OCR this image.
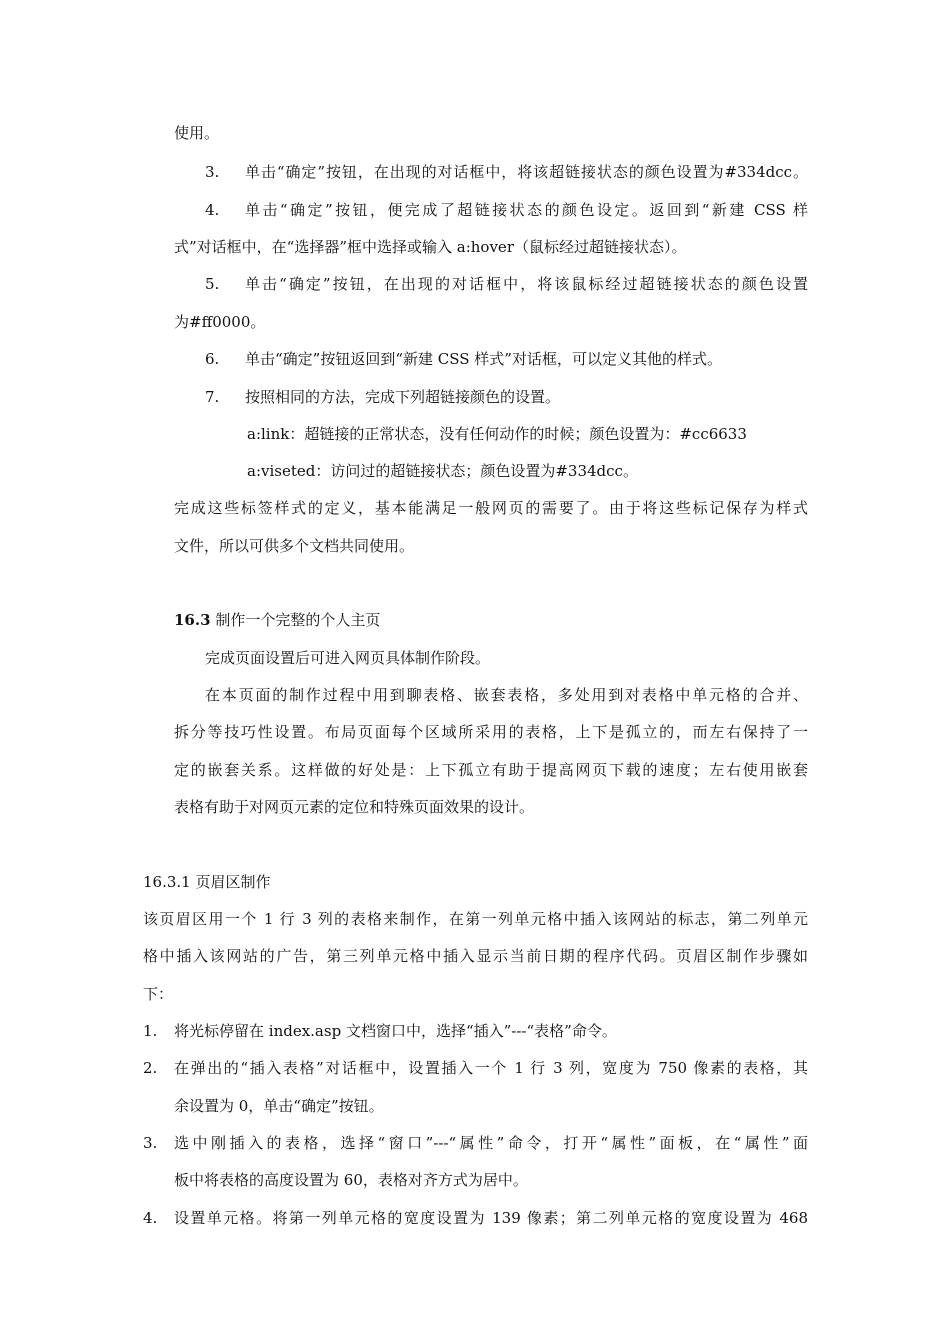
使用。
3. 单击“确定”按钮，在出现的对话框中，将该超链接状态的颜色设置为#334dcc。
4. 单击“确定”按钮，便完成了超链接状态的颜色设定。返回到“新建 CSS 样
式”对话框中，在“选择器”框中选择或输入 a:hover（鼠标经过超链接状态）。
5. 单击“确定”按钮，在出现的对话框中，将该鼠标经过超链接状态的颜色设置
为#ff0000。
6. 单击“确定”按钮返回到“新建 CSS 样式”对话框，可以定义其他的样式。
7. 按照相同的方法，完成下列超链接颜色的设置。
a:link：超链接的正常状态，没有任何动作的时候；颜色设置为：#cc6633
a:viseted：访问过的超链接状态；颜色设置为#334dcc。
完成这些标签样式的定义，基本能满足一般网页的需要了。由于将这些标记保存为样式
文件，所以可供多个文档共同使用。
16.3 制作一个完整的个人主页
完成页面设置后可进入网页具体制作阶段。
在本页面的制作过程中用到聊表格、嵌套表格，多处用到对表格中单元格的合并、
拆分等技巧性设置。布局页面每个区域所采用的表格，上下是孤立的，而左右保持了一
定的嵌套关系。这样做的好处是：上下孤立有助于提高网页下载的速度；左右使用嵌套
表格有助于对网页元素的定位和特殊页面效果的设计。
16.3.1 页眉区制作
该页眉区用一个 1 行 3 列的表格来制作，在第一列单元格中插入该网站的标志，第二列单元
格中插入该网站的广告，第三列单元格中插入显示当前日期的程序代码。页眉区制作步骤如
下：
1. 将光标停留在 index.asp 文档窗口中，选择“插入”---“表格”命令。
2. 在弹出的“插入表格”对话框中，设置插入一个 1 行 3 列，宽度为 750 像素的表格，其
余设置为 0，单击“确定”按钮。
3. 选中刚插入的表格，选择“窗口”---“属性”命令，打开“属性”面板，在“属性”面
板中将表格的高度设置为 60，表格对齐方式为居中。
4. 设置单元格。将第一列单元格的宽度设置为 139 像素；第二列单元格的宽度设置为 468
